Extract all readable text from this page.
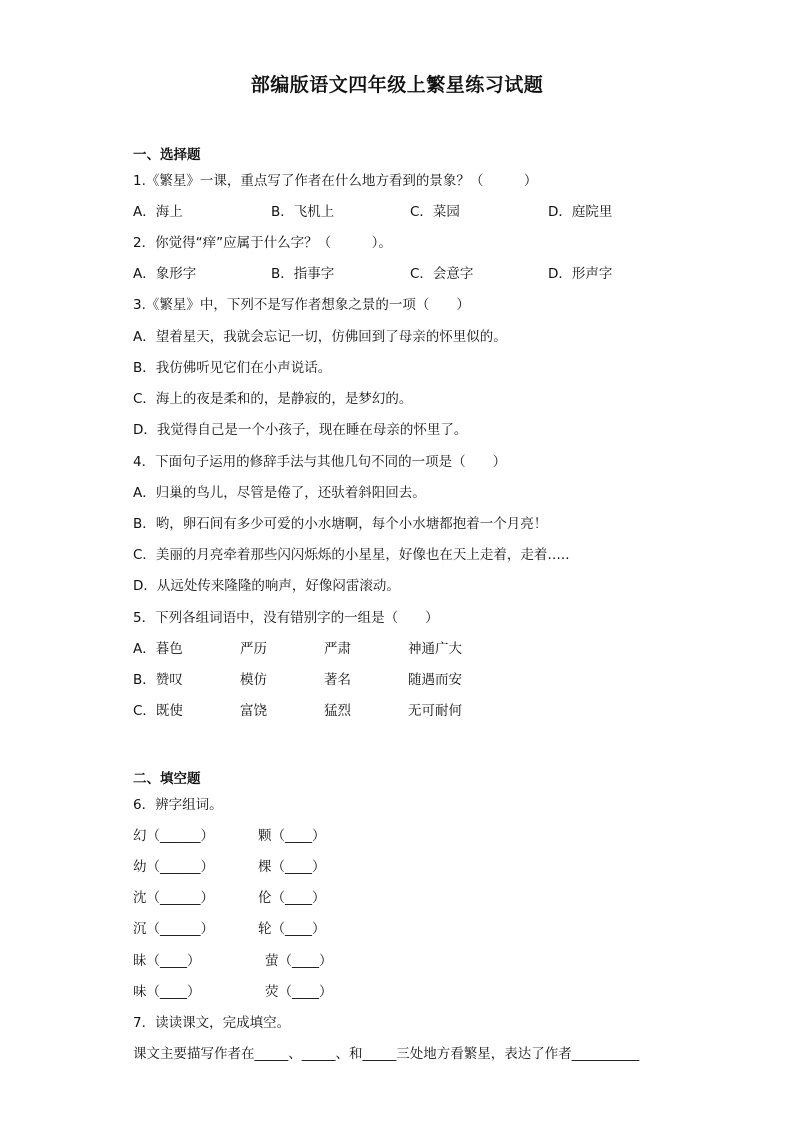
部编版语文四年级上繁星练习试题
一、选择题
1.《繁星》一课，重点写了作者在什么地方看到的景象？（　　　）
A．海上	B．飞机上	C．菜园	D．庭院里
2．你觉得“痒”应属于什么字？（　　　）。
A．象形字	B．指事字	C．会意字	D．形声字
3.《繁星》中，下列不是写作者想象之景的一项（　　）
A．望着星天，我就会忘记一切，仿佛回到了母亲的怀里似的。
B．我仿佛听见它们在小声说话。
C．海上的夜是柔和的，是静寂的，是梦幻的。
D．我觉得自己是一个小孩子，现在睡在母亲的怀里了。
4．下面句子运用的修辞手法与其他几句不同的一项是（　　）
A．归巢的鸟儿，尽管是倦了，还驮着斜阳回去。
B．哟，卵石间有多少可爱的小水塘啊，每个小水塘都抱着一个月亮！
C．美丽的月亮牵着那些闪闪烁烁的小星星，好像也在天上走着，走着…..
D．从远处传来隆隆的响声，好像闷雷滚动。
5．下列各组词语中，没有错别字的一组是（　　）
A．暮色	严历	严肃	神通广大
B．赞叹	模仿	著名	随遇而安
C．既使	富饶	猛烈	无可耐何
二、填空题
6．辨字组词。
幻（______）	颗（____）
幼（______）	棵（____）
沈（______）	伦（____）
沉（______）	轮（____）
昧（____）	萤（____）
味（____）	荧（____）
7．读读课文，完成填空。
课文主要描写作者在_____、_____、和_____三处地方看繁星，表达了作者__________
